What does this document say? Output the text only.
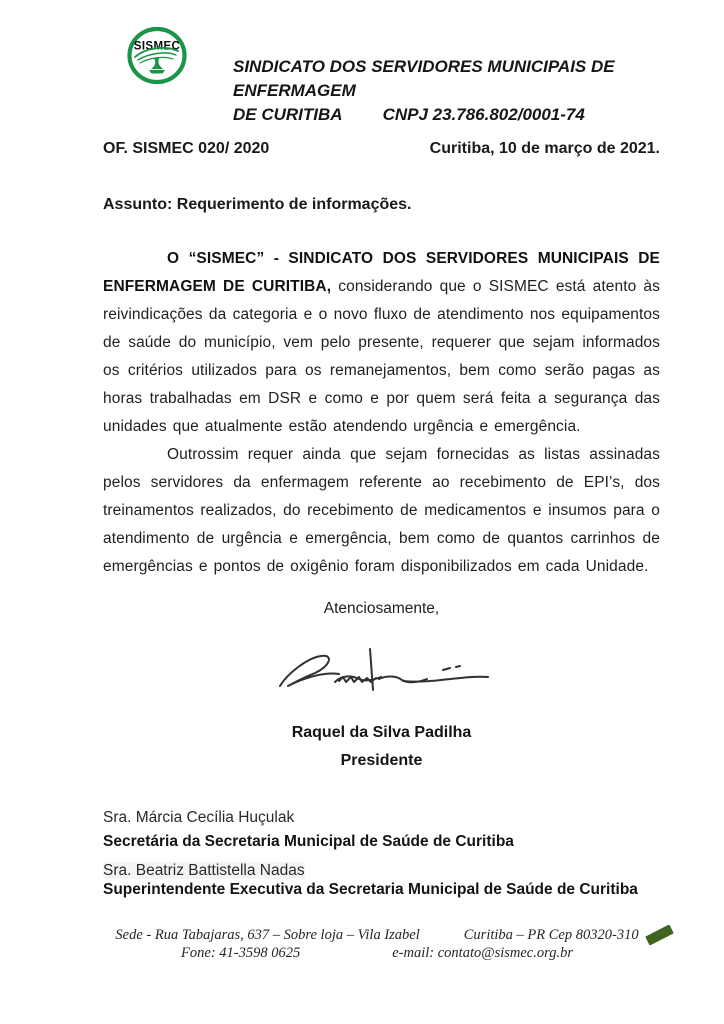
SISMEC
SINDICATO DOS SERVIDORES MUNICIPAIS DE ENFERMAGEM
DE CURITIBA CNPJ 23.786.802/0001-74
OF. SISMEC 020/ 2020	Curitiba, 10 de março de 2021.
Assunto: Requerimento de informações.

O “SISMEC” - SINDICATO DOS SERVIDORES MUNICIPAIS DE ENFERMAGEM DE CURITIBA, considerando que o SISMEC está atento às reivindicações da categoria e o novo fluxo de atendimento nos equipamentos de saúde do município, vem pelo presente, requerer que sejam informados os critérios utilizados para os remanejamentos, bem como serão pagas as horas trabalhadas em DSR e como e por quem será feita a segurança das unidades que atualmente estão atendendo urgência e emergência.

Outrossim requer ainda que sejam fornecidas as listas assinadas pelos servidores da enfermagem referente ao recebimento de EPI’s, dos treinamentos realizados, do recebimento de medicamentos e insumos para o atendimento de urgência e emergência, bem como de quantos carrinhos de emergências e pontos de oxigênio foram disponibilizados em cada Unidade.

Atenciosamente,
Raquel da Silva Padilha
Presidente
Sra. Márcia Cecília Huçulak
Secretária da Secretaria Municipal de Saúde de Curitiba
Sra. Beatriz Battistella Nadas
Superintendente Executiva da Secretaria Municipal de Saúde de Curitiba
Sede - Rua Tabajaras, 637 – Sobre loja – Vila Izabel	Curitiba – PR Cep 80320-310
Fone: 41-3598 0625	e-mail: contato@sismec.org.br
